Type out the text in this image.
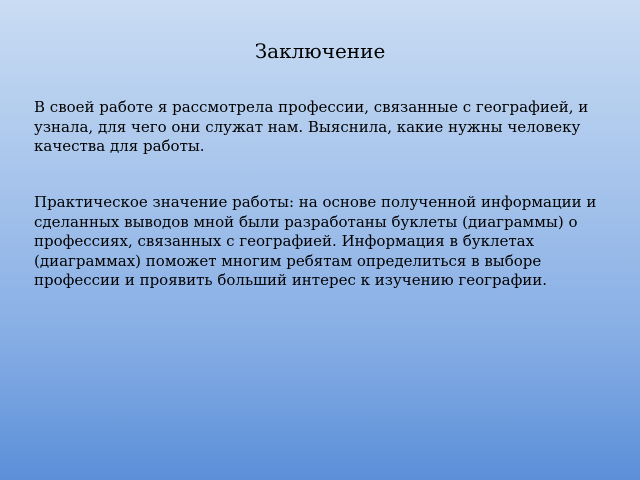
Заключение
В своей работе я рассмотрела профессии, связанные с географией, и узнала, для чего они служат нам. Выяснила, какие нужны человеку качества для работы.
Практическое значение работы: на основе полученной информации и сделанных выводов мной были разработаны буклеты (диаграммы) о профессиях, связанных с географией. Информация в буклетах (диаграммах) поможет многим ребятам определиться в выборе профессии и проявить больший интерес к изучению географии.
